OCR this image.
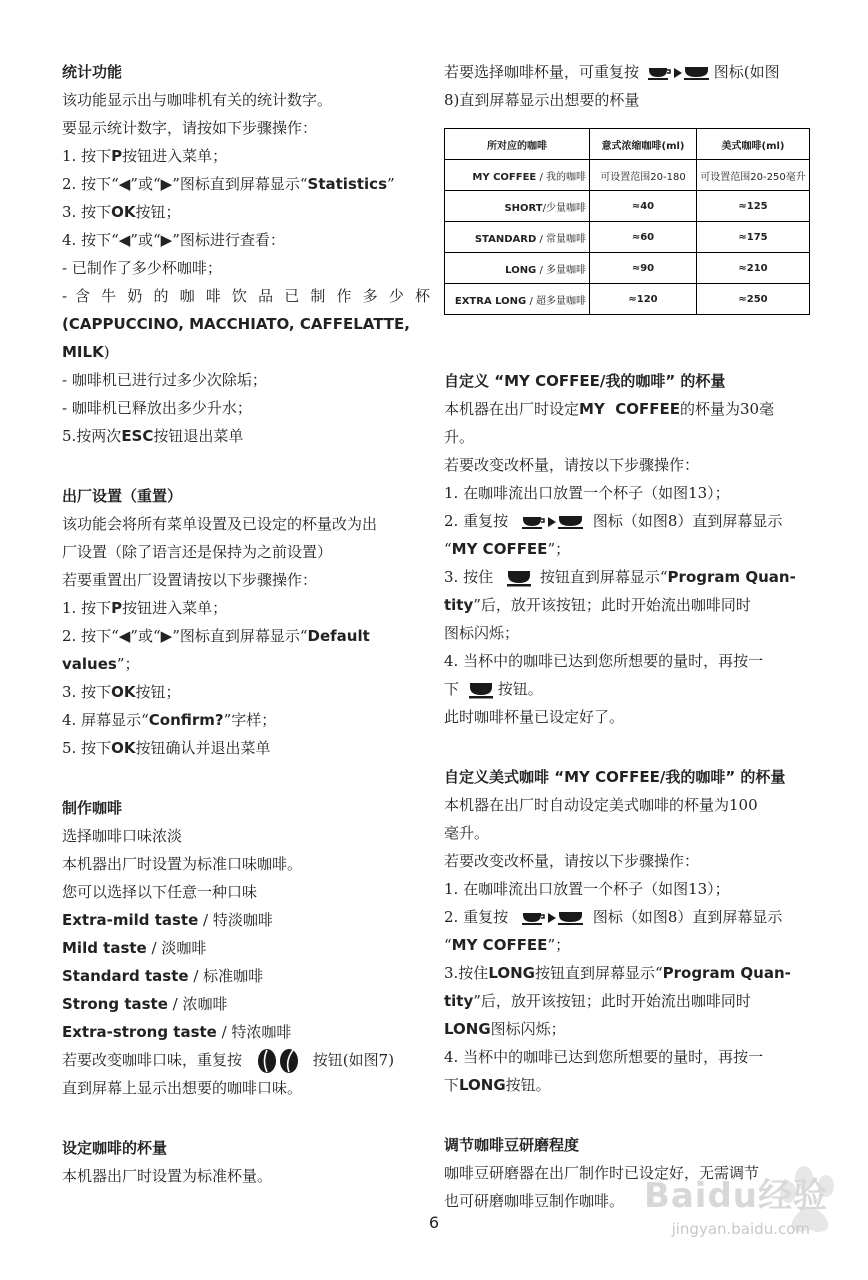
统计功能
该功能显示出与咖啡机有关的统计数字。
要显示统计数字，请按如下步骤操作：
1. 按下P按钮进入菜单；
2. 按下“◀”或“▶”图标直到屏幕显示“Statistics”
3. 按下OK按钮；
4. 按下“◀”或“▶”图标进行查看：
- 已制作了多少杯咖啡；
- 含 牛 奶 的 咖 啡 饮 品 已 制 作 多 少 杯
(CAPPUCCINO, MACCHIATO, CAFFELATTE,
MILK)
- 咖啡机已进行过多少次除垢；
- 咖啡机已释放出多少升水；
5.按两次ESC按钮退出菜单
出厂设置（重置）
该功能会将所有菜单设置及已设定的杯量改为出
厂设置（除了语言还是保持为之前设置）
若要重置出厂设置请按以下步骤操作：
1. 按下P按钮进入菜单；
2. 按下“◀”或“▶”图标直到屏幕显示“Default
values”；
3. 按下OK按钮；
4. 屏幕显示“Confirm?”字样；
5. 按下OK按钮确认并退出菜单
制作咖啡
选择咖啡口味浓淡
本机器出厂时设置为标准口味咖啡。
您可以选择以下任意一种口味
Extra-mild taste / 特淡咖啡
Mild taste / 淡咖啡
Standard taste / 标准咖啡
Strong taste / 浓咖啡
Extra-strong taste / 特浓咖啡
若要改变咖啡口味，重复按	按钮(如图7)
直到屏幕上显示出想要的咖啡口味。
设定咖啡的杯量
本机器出厂时设置为标准杯量。
若要选择咖啡杯量，可重复按	图标(如图
8)直到屏幕显示出想要的杯量
所对应的咖啡	意式浓缩咖啡(ml)	美式咖啡(ml)
MY COFFEE / 我的咖啡	可设置范围20-180	可设置范围20-250毫升
SHORT/少量咖啡	≈40	≈125
STANDARD / 常量咖啡	≈60	≈175
LONG / 多量咖啡	≈90	≈210
EXTRA LONG / 超多量咖啡	≈120	≈250
自定义 “MY COFFEE/我的咖啡” 的杯量
本机器在出厂时设定MY  COFFEE的杯量为30毫
升。
若要改变改杯量，请按以下步骤操作：
1. 在咖啡流出口放置一个杯子（如图13）；
2. 重复按	图标（如图8）直到屏幕显示
“MY COFFEE”；
3. 按住	按钮直到屏幕显示“Program Quan-
tity”后，放开该按钮；此时开始流出咖啡同时
图标闪烁；
4. 当杯中的咖啡已达到您所想要的量时，再按一
下	按钮。
此时咖啡杯量已设定好了。
自定义美式咖啡 “MY COFFEE/我的咖啡” 的杯量
本机器在出厂时自动设定美式咖啡的杯量为100
毫升。
若要改变改杯量，请按以下步骤操作：
1. 在咖啡流出口放置一个杯子（如图13）；
2. 重复按	图标（如图8）直到屏幕显示
“MY COFFEE”；
3.按住LONG按钮直到屏幕显示“Program Quan-
tity”后，放开该按钮；此时开始流出咖啡同时
LONG图标闪烁；
4. 当杯中的咖啡已达到您所想要的量时，再按一
下LONG按钮。
调节咖啡豆研磨程度
咖啡豆研磨器在出厂制作时已设定好，无需调节
也可研磨咖啡豆制作咖啡。 Baidu经验
jingyan.baidu.com
6
